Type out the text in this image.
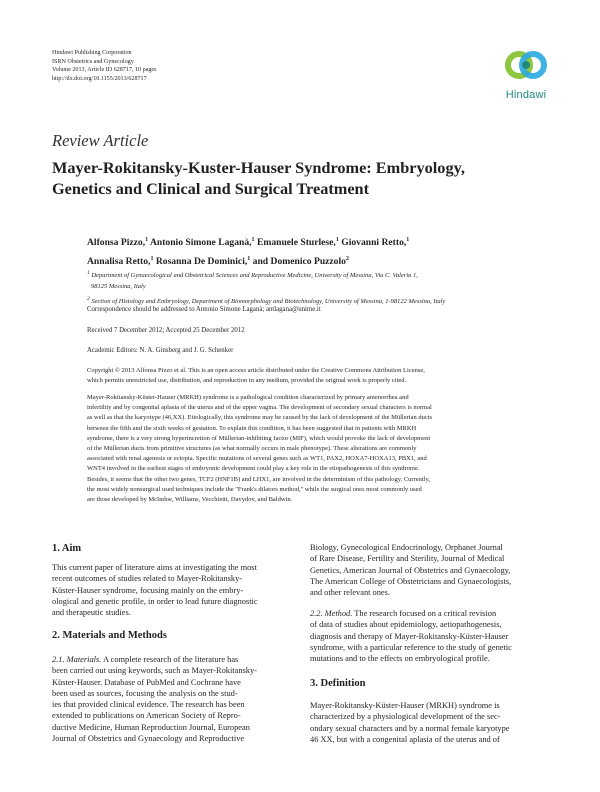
Hindawi Publishing Corporation
ISRN Obstetrics and Gynecology
Volume 2013, Article ID 628717, 10 pages
http://dx.doi.org/10.1155/2013/628717
Hindawi
Review Article
Mayer-Rokitansky-Kuster-Hauser Syndrome: Embryology,
Genetics and Clinical and Surgical Treatment
Alfonsa Pizzo,$^1$ Antonio Simone Laganà,$^1$ Emanuele Sturlese,$^1$ Giovanni Retto,$^1$
Annalisa Retto,$^1$ Rosanna De Dominici,$^1$ and Domenico Puzzolo$^2$

$^1$ Department of Gynaecological and Obstetrical Sciences and Reproductive Medicine, University of Messina, Via C. Valeria 1,
98125 Messina, Italy

$^2$ Section of Histology and Embryology, Department of Biomorphology and Biotechnology, University of Messina, 1-98122 Messina, Italy

Correspondence should be addressed to Antonio Simone Laganà; antlagana@unime.it
Received 7 December 2012; Accepted 25 December 2012
Academic Editors: N. A. Ginsberg and J. G. Schenker
Copyright © 2013 Alfonsa Pizzo et al. This is an open access article distributed under the Creative Commons Attribution License,
which permits unrestricted use, distribution, and reproduction in any medium, provided the original work is properly cited.
Mayer-Rokitansky-Küster-Hauser (MRKH) syndrome is a pathological condition characterized by primary amenorrhea and
infertility and by congenital aplasia of the uterus and of the upper vagina. The development of secondary sexual characters is normal
as well as that the karyotype (46,XX). Etiologically, this syndrome may be caused by the lack of development of the Müllerian ducts
between the fifth and the sixth weeks of gestation. To explain this condition, it has been suggested that in patients with MRKH
syndrome, there is a very strong hyperincretion of Müllerian-inhibiting factor (MIF), which would provoke the lack of development
of the Müllerian ducts from primitive structures (as what normally occurs in male phenotype). These alterations are commonly
associated with renal agenesis or ectopia. Specific mutations of several genes such as WT1, PAX2, HOXA7-HOXA13, PBX1, and
WNT4 involved in the earliest stages of embryonic development could play a key role in the etiopathogenesis of this syndrome.
Besides, it seems that the other two genes, TCF2 (HNF1B) and LHX1, are involved in the determinism of this pathology. Currently,
the most widely nonsurgical used techniques include the "Frank's dilators method," while the surgical ones most commonly used
are those developed by McIndoe, Williams, Vecchietti, Davydov, and Baldwin.
1. Aim
This current paper of literature aims at investigating the most
recent outcomes of studies related to Mayer-Rokitansky-
Küster-Hauser syndrome, focusing mainly on the embry-
ological and genetic profile, in order to lead future diagnostic
and therapeutic studies.
2. Materials and Methods
2.1. Materials. A complete research of the literature has
been carried out using keywords, such as Mayer-Rokitansky-
Küster-Hauser. Database of PubMed and Cochrane have
been used as sources, focusing the analysis on the stud-
ies that provided clinical evidence. The research has been
extended to publications on American Society of Repro-
ductive Medicine, Human Reproduction Journal, European
Journal of Obstetrics and Gynaecology and Reproductive
Biology, Gynecological Endocrinology, Orphanet Journal
of Rare Disease, Fertility and Sterility, Journal of Medical
Genetics, American Journal of Obstetrics and Gynaecology,
The American College of Obstetricians and Gynaecologists,
and other relevant ones.
2.2. Method. The research focused on a critical revision
of data of studies about epidemiology, aetiopathogenesis,
diagnosis and therapy of Mayer-Rokitansky-Küster-Hauser
syndrome, with a particular reference to the study of genetic
mutations and to the effects on embryological profile.
3. Definition
Mayer-Rokitansky-Küster-Hauser (MRKH) syndrome is
characterized by a physiological development of the sec-
ondary sexual characters and by a normal female karyotype
46 XX, but with a congenital aplasia of the uterus and of
